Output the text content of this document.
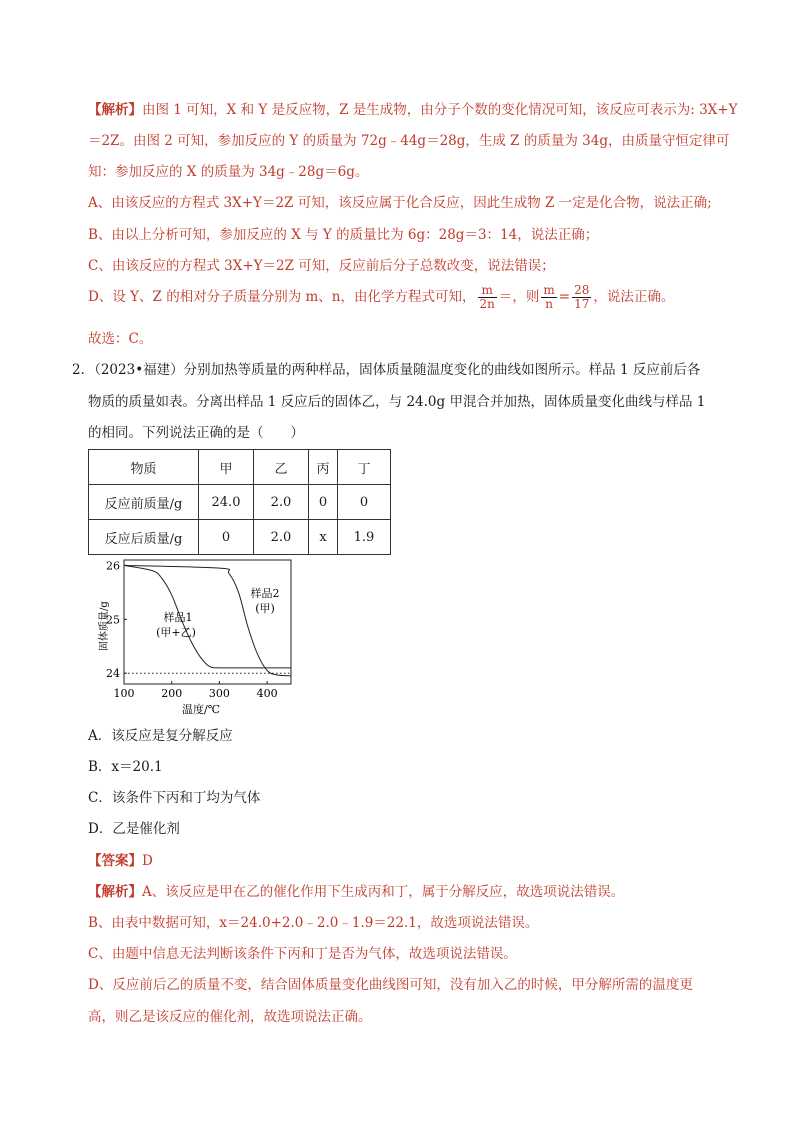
【解析】由图 1 可知，X 和 Y 是反应物，Z 是生成物，由分子个数的变化情况可知，该反应可表示为: 3X+Y
＝2Z。由图 2 可知，参加反应的 Y 的质量为 72g﹣44g＝28g，生成 Z 的质量为 34g，由质量守恒定律可
知：参加反应的 X 的质量为 34g﹣28g＝6g。
A、由该反应的方程式 3X+Y＝2Z 可知，该反应属于化合反应，因此生成物 Z 一定是化合物，说法正确;
B、由以上分析可知，参加反应的 X 与 Y 的质量比为 6g：28g＝3：14，说法正确；
C、由该反应的方程式 3X+Y＝2Z 可知，反应前后分子总数改变，说法错误；
D、设 Y、Z 的相对分子质量分别为 m、n，由化学方程式可知， $\frac{m}{2n}$ ＝，则 $\frac{m}{n} = \frac{28}{17}$ ，说法正确。
故选：C。
2．（2023•福建）分别加热等质量的两种样品，固体质量随温度变化的曲线如图所示。样品 1 反应前后各
物质的质量如表。分离出样品 1 反应后的固体乙，与 24.0g 甲混合并加热，固体质量变化曲线与样品 1
的相同。下列说法正确的是（　　）
物质	甲	乙	丙	丁
反应前质量/g	24.0	2.0	0	0
反应后质量/g	0	2.0	x	1.9
100 200 300 400
24
25
26
温度/℃
固体质量/g	样品1
(甲+乙)
样品2
(甲)
A．该反应是复分解反应
B．x＝20.1
C．该条件下丙和丁均为气体
D．乙是催化剂
【答案】D
【解析】A、该反应是甲在乙的催化作用下生成丙和丁，属于分解反应，故选项说法错误。
B、由表中数据可知，x＝24.0+2.0﹣2.0﹣1.9＝22.1，故选项说法错误。
C、由题中信息无法判断该条件下丙和丁是否为气体，故选项说法错误。
D、反应前后乙的质量不变，结合固体质量变化曲线图可知，没有加入乙的时候，甲分解所需的温度更
高，则乙是该反应的催化剂，故选项说法正确。
